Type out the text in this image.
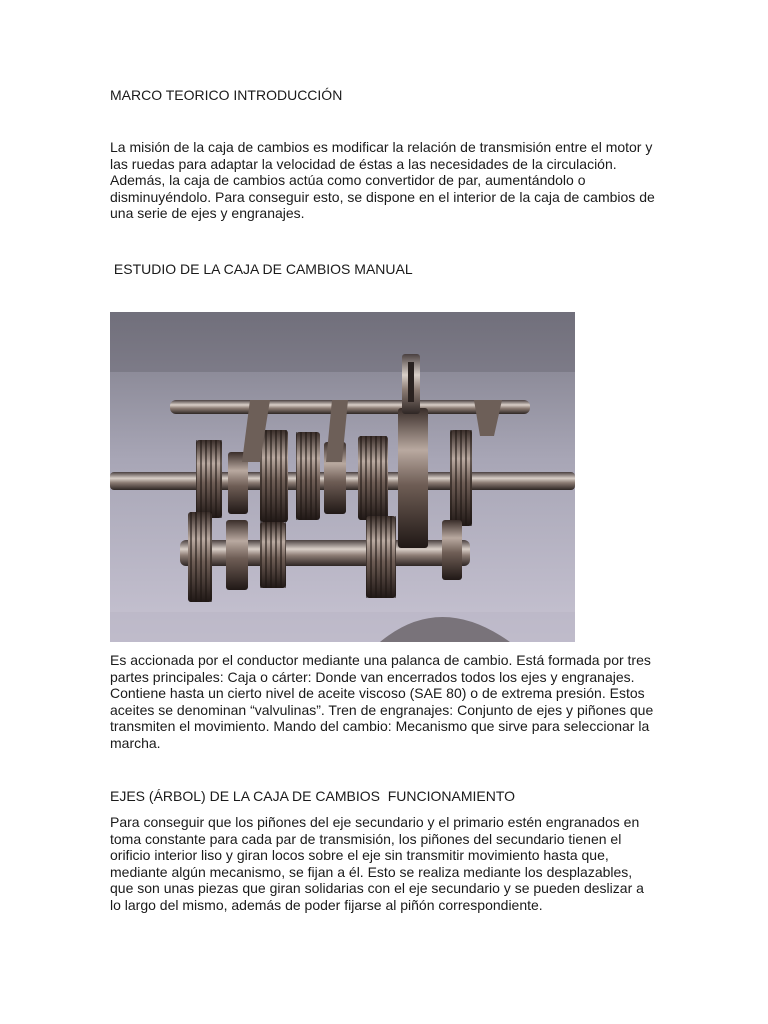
MARCO TEORICO INTRODUCCIÓN

La misión de la caja de cambios es modificar la relación de transmisión entre el motor y las ruedas para adaptar la velocidad de éstas a las necesidades de la circulación. Además, la caja de cambios actúa como convertidor de par, aumentándolo o disminuyéndolo. Para conseguir esto, se dispone en el interior de la caja de cambios de una serie de ejes y engranajes.

ESTUDIO DE LA CAJA DE CAMBIOS MANUAL

Es accionada por el conductor mediante una palanca de cambio. Está formada por tres partes principales: Caja o cárter: Donde van encerrados todos los ejes y engranajes. Contiene hasta un cierto nivel de aceite viscoso (SAE 80) o de extrema presión. Estos aceites se denominan “valvulinas”. Tren de engranajes: Conjunto de ejes y piñones que transmiten el movimiento. Mando del cambio: Mecanismo que sirve para seleccionar la marcha.

EJES (ÁRBOL) DE LA CAJA DE CAMBIOS  FUNCIONAMIENTO

Para conseguir que los piñones del eje secundario y el primario estén engranados en toma constante para cada par de transmisión, los piñones del secundario tienen el orificio interior liso y giran locos sobre el eje sin transmitir movimiento hasta que, mediante algún mecanismo, se fijan a él. Esto se realiza mediante los desplazables, que son unas piezas que giran solidarias con el eje secundario y se pueden deslizar a lo largo del mismo, además de poder fijarse al piñón correspondiente.
